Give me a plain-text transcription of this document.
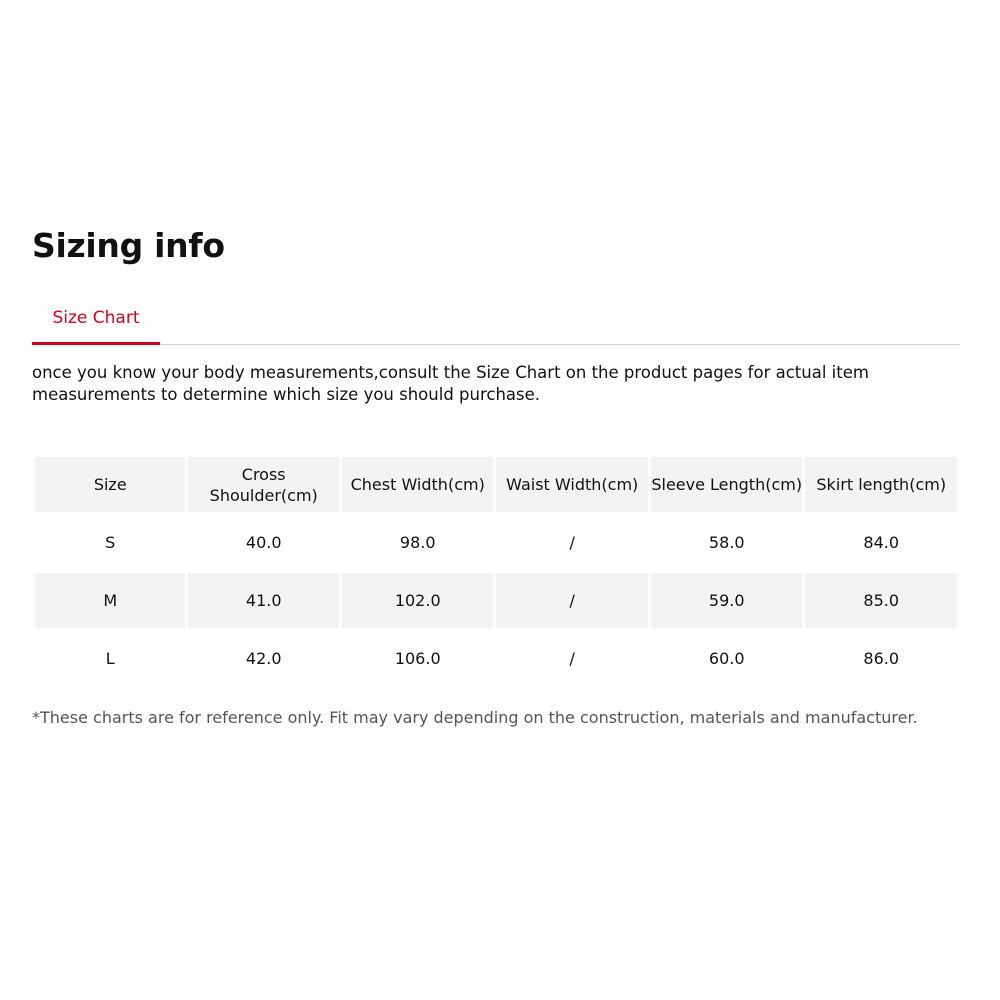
Sizing info
Size Chart

once you know your body measurements,consult the Size Chart on the product pages for actual item measurements to determine which size you should purchase.

Size	Cross Shoulder(cm)	Chest Width(cm)	Waist Width(cm)	Sleeve Length(cm)	Skirt length(cm)
S	40.0	98.0	/	58.0	84.0
M	41.0	102.0	/	59.0	85.0
L	42.0	106.0	/	60.0	86.0

*These charts are for reference only. Fit may vary depending on the construction, materials and manufacturer.
